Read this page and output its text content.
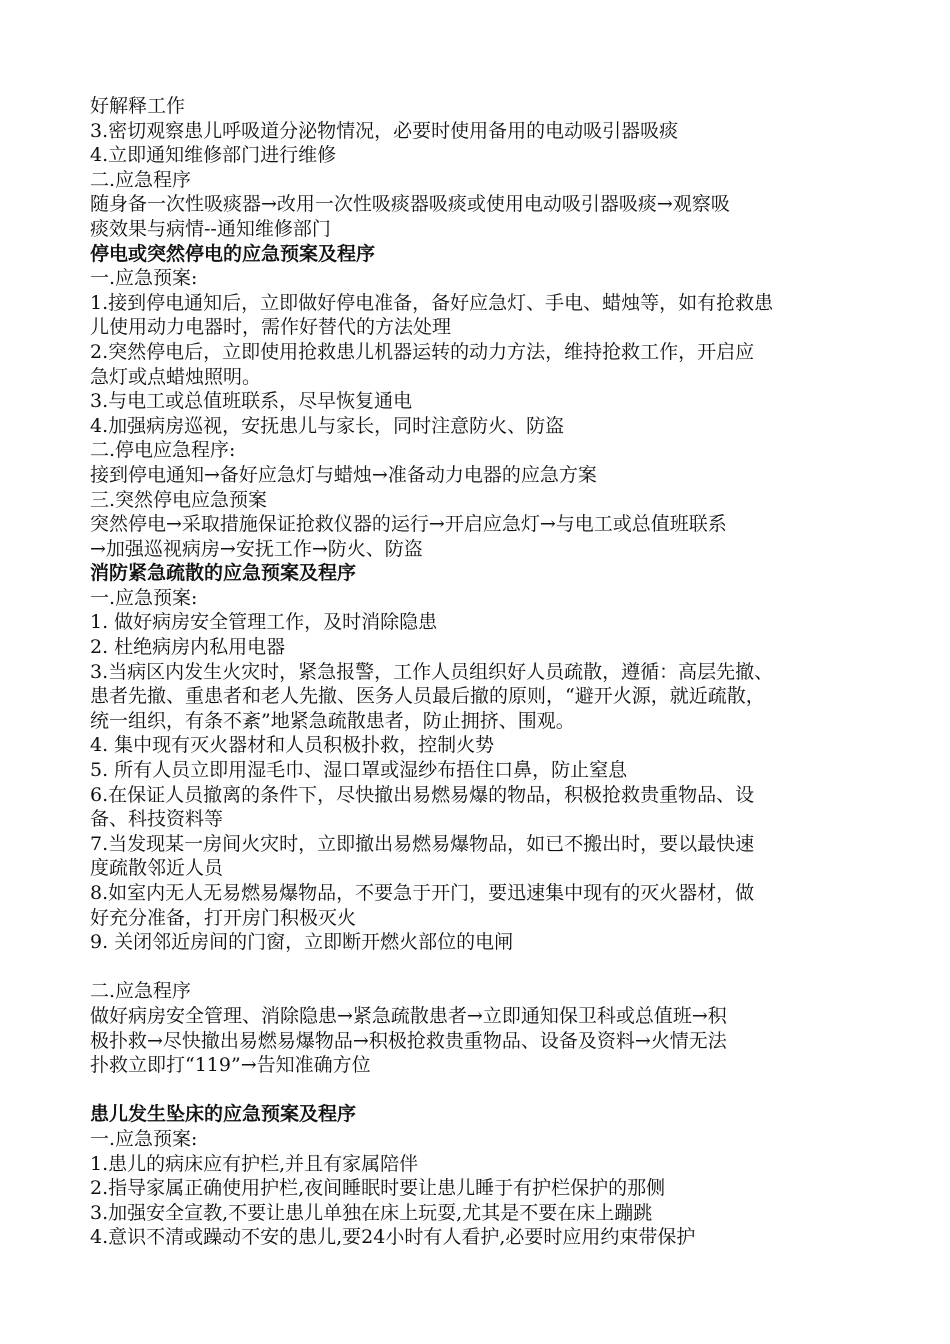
好解释工作
3.密切观察患儿呼吸道分泌物情况，必要时使用备用的电动吸引器吸痰
4.立即通知维修部门进行维修
二.应急程序
随身备一次性吸痰器→改用一次性吸痰器吸痰或使用电动吸引器吸痰→观察吸
痰效果与病情--通知维修部门
停电或突然停电的应急预案及程序
一.应急预案:
1.接到停电通知后，立即做好停电准备，备好应急灯、手电、蜡烛等，如有抢救患
儿使用动力电器时，需作好替代的方法处理
2.突然停电后，立即使用抢救患儿机器运转的动力方法，维持抢救工作，开启应
急灯或点蜡烛照明。
3.与电工或总值班联系，尽早恢复通电
4.加强病房巡视，安抚患儿与家长，同时注意防火、防盗
二.停电应急程序:
接到停电通知→备好应急灯与蜡烛→准备动力电器的应急方案
三.突然停电应急预案
突然停电→采取措施保证抢救仪器的运行→开启应急灯→与电工或总值班联系
→加强巡视病房→安抚工作→防火、防盗
消防紧急疏散的应急预案及程序
一.应急预案:
1. 做好病房安全管理工作，及时消除隐患
2. 杜绝病房内私用电器
3.当病区内发生火灾时，紧急报警，工作人员组织好人员疏散，遵循：高层先撤、
患者先撤、重患者和老人先撤、医务人员最后撤的原则，“避开火源，就近疏散，
统一组织，有条不紊”地紧急疏散患者，防止拥挤、围观。
4. 集中现有灭火器材和人员积极扑救，控制火势
5. 所有人员立即用湿毛巾、湿口罩或湿纱布捂住口鼻，防止窒息
6.在保证人员撤离的条件下，尽快撤出易燃易爆的物品，积极抢救贵重物品、设
备、科技资料等
7.当发现某一房间火灾时，立即撤出易燃易爆物品，如已不搬出时，要以最快速
度疏散邻近人员
8.如室内无人无易燃易爆物品，不要急于开门，要迅速集中现有的灭火器材，做
好充分准备，打开房门积极灭火
9. 关闭邻近房间的门窗，立即断开燃火部位的电闸
二.应急程序
做好病房安全管理、消除隐患→紧急疏散患者→立即通知保卫科或总值班→积
极扑救→尽快撤出易燃易爆物品→积极抢救贵重物品、设备及资料→火情无法
扑救立即打“119”→告知准确方位
患儿发生坠床的应急预案及程序
一.应急预案:
1.患儿的病床应有护栏,并且有家属陪伴
2.指导家属正确使用护栏,夜间睡眠时要让患儿睡于有护栏保护的那侧
3.加强安全宣教,不要让患儿单独在床上玩耍,尤其是不要在床上蹦跳
4.意识不清或躁动不安的患儿,要24小时有人看护,必要时应用约束带保护
